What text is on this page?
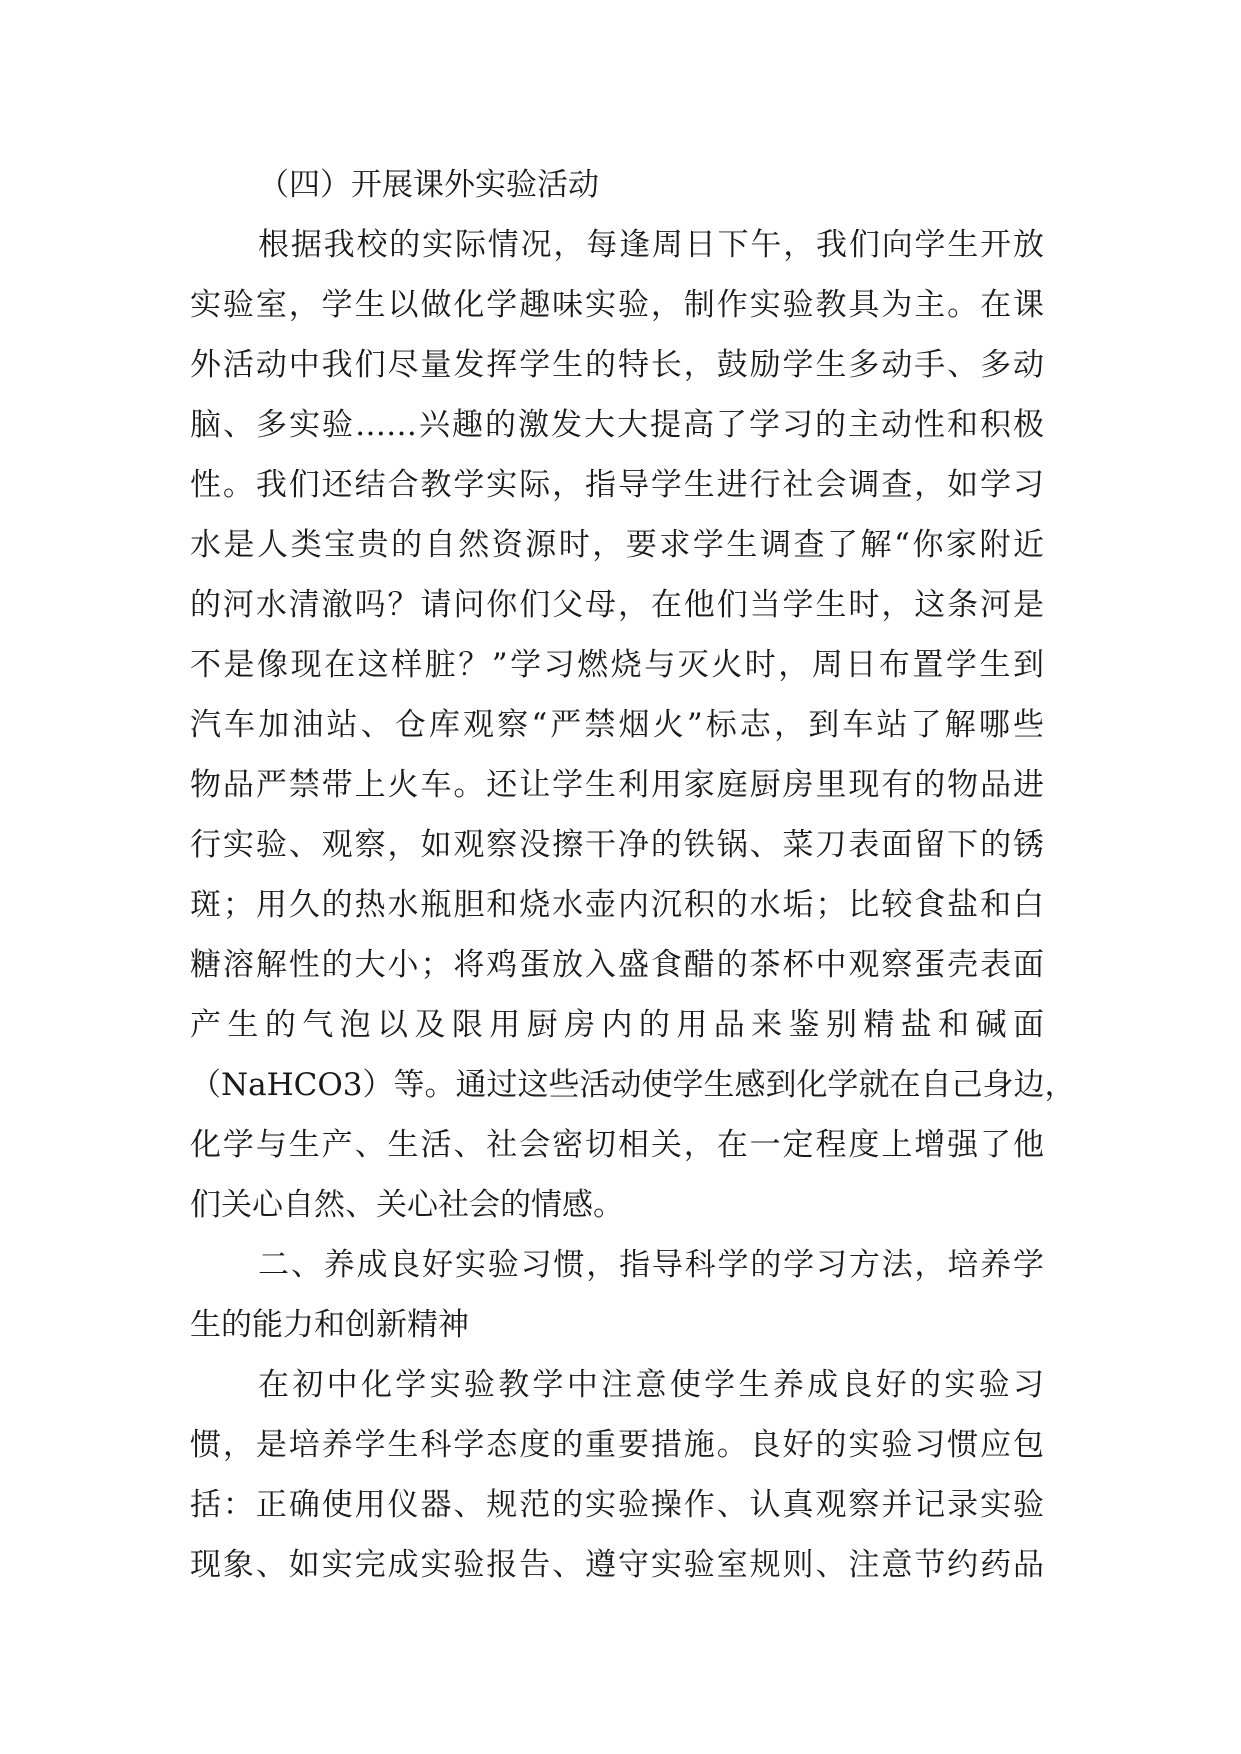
（四）开展课外实验活动
根据我校的实际情况，每逢周日下午，我们向学生开放
实验室，学生以做化学趣味实验，制作实验教具为主。在课
外活动中我们尽量发挥学生的特长，鼓励学生多动手、多动
脑、多实验……兴趣的激发大大提高了学习的主动性和积极
性。我们还结合教学实际，指导学生进行社会调查，如学习
水是人类宝贵的自然资源时，要求学生调查了解“你家附近
的河水清澈吗？请问你们父母，在他们当学生时，这条河是
不是像现在这样脏？”学习燃烧与灭火时，周日布置学生到
汽车加油站、仓库观察“严禁烟火”标志，到车站了解哪些
物品严禁带上火车。还让学生利用家庭厨房里现有的物品进
行实验、观察，如观察没擦干净的铁锅、菜刀表面留下的锈
斑；用久的热水瓶胆和烧水壶内沉积的水垢；比较食盐和白
糖溶解性的大小；将鸡蛋放入盛食醋的茶杯中观察蛋壳表面
产生的气泡以及限用厨房内的用品来鉴别精盐和碱面
（NaHCO3）等。通过这些活动使学生感到化学就在自己身边，
化学与生产、生活、社会密切相关，在一定程度上增强了他
们关心自然、关心社会的情感。
二、养成良好实验习惯，指导科学的学习方法，培养学
生的能力和创新精神
在初中化学实验教学中注意使学生养成良好的实验习
惯，是培养学生科学态度的重要措施。良好的实验习惯应包
括：正确使用仪器、规范的实验操作、认真观察并记录实验
现象、如实完成实验报告、遵守实验室规则、注意节约药品
